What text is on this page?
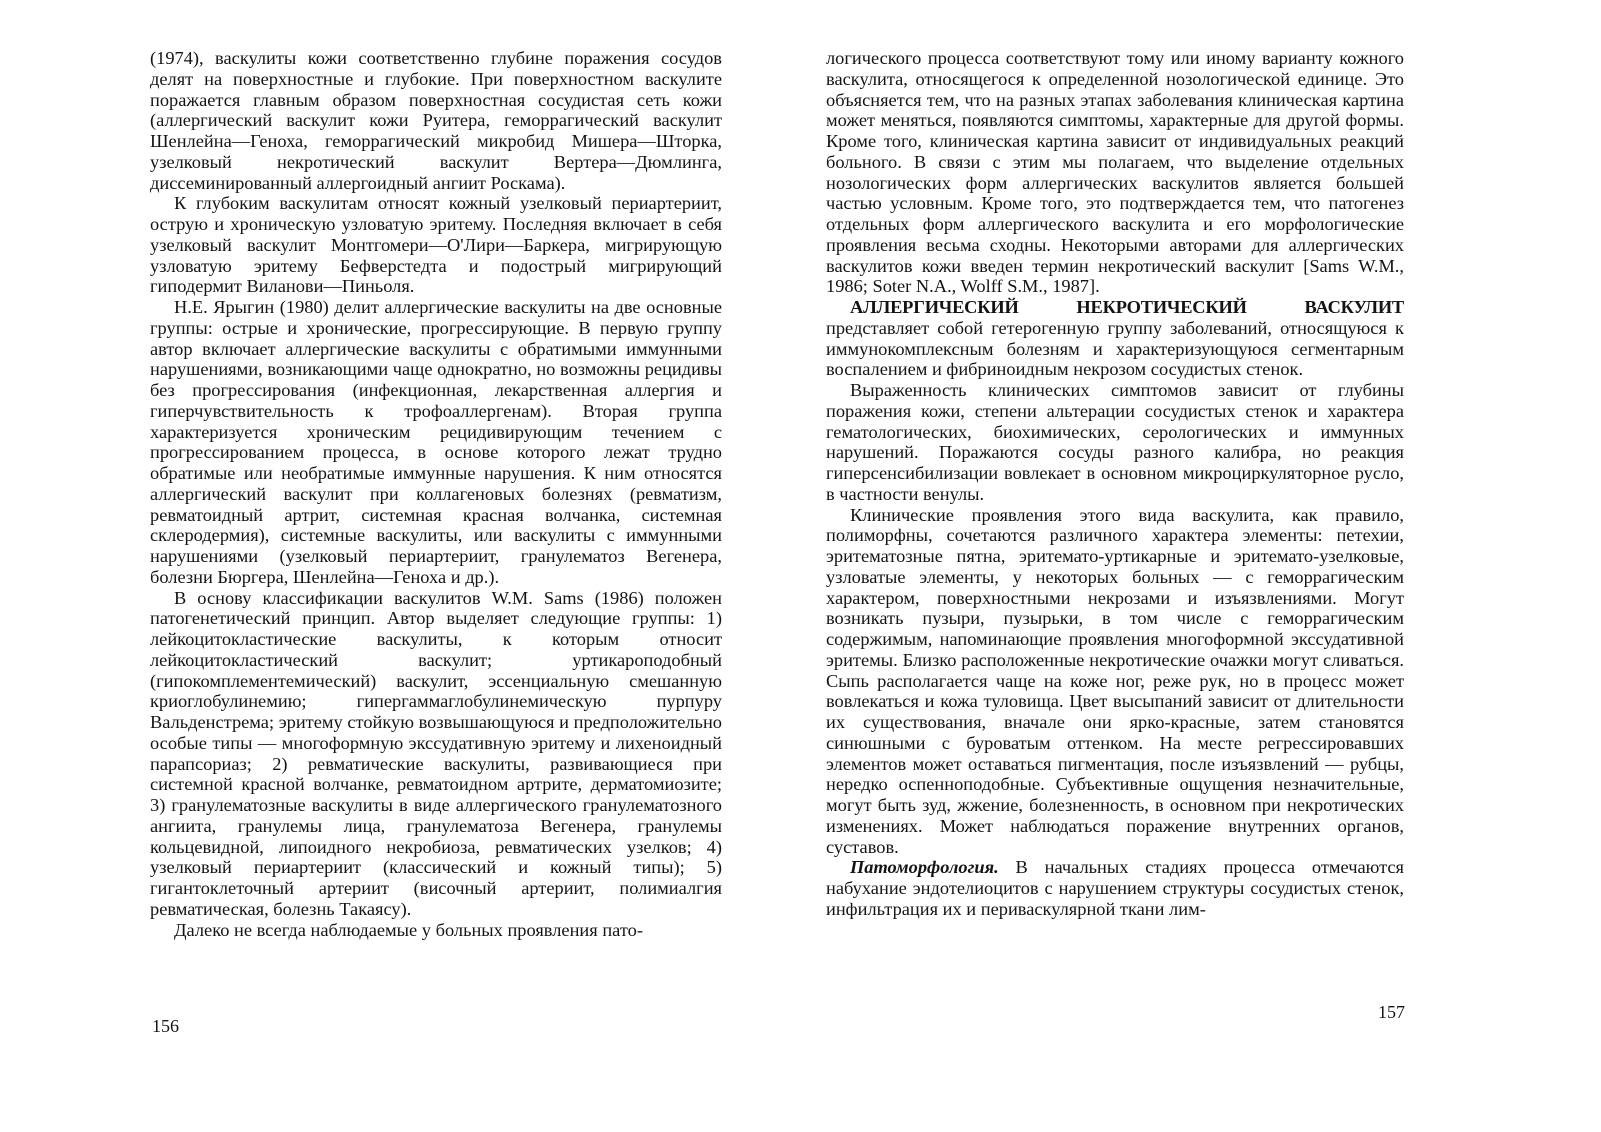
(1974), васкулиты кожи соответственно глубине поражения сосудов делят на поверхностные и глубокие. При поверхностном васкулите поражается главным образом поверхностная сосудистая сеть кожи (аллергический васкулит кожи Руитера, геморрагический васкулит Шенлейна—Геноха, геморрагический микробид Мишера—Шторка, узелковый некротический васкулит Вертера—Дюмлинга, диссеминированный аллергоидный ангиит Роскама).

К глубоким васкулитам относят кожный узелковый периартериит, острую и хроническую узловатую эритему. Последняя включает в себя узелковый васкулит Монтгомери—О'Лири—Баркера, мигрирующую узловатую эритему Бефверстедта и подострый мигрирующий гиподермит Виланови—Пиньоля.

Н.Е. Ярыгин (1980) делит аллергические васкулиты на две основные группы: острые и хронические, прогрессирующие. В первую группу автор включает аллергические васкулиты с обратимыми иммунными нарушениями, возникающими чаще однократно, но возможны рецидивы без прогрессирования (инфекционная, лекарственная аллергия и гиперчувствительность к трофоаллергенам). Вторая группа характеризуется хроническим рецидивирующим течением с прогрессированием процесса, в основе которого лежат трудно обратимые или необратимые иммунные нарушения. К ним относятся аллергический васкулит при коллагеновых болезнях (ревматизм, ревматоидный артрит, системная красная волчанка, системная склеродермия), системные васкулиты, или васкулиты с иммунными нарушениями (узелковый периартериит, гранулематоз Вегенера, болезни Бюргера, Шенлейна—Геноха и др.).

В основу классификации васкулитов W.M. Sams (1986) положен патогенетический принцип. Автор выделяет следующие группы: 1) лейкоцитокластические васкулиты, к которым относит лейкоцитокластический васкулит; уртикароподобный (гипокомплементемический) васкулит, эссенциальную смешанную криоглобулинемию; гипергаммаглобулинемическую пурпуру Вальденстрема; эритему стойкую возвышающуюся и предположительно особые типы — многоформную экссудативную эритему и лихеноидный парапсориаз; 2) ревматические васкулиты, развивающиеся при системной красной волчанке, ревматоидном артрите, дерматомиозите; 3) гранулематозные васкулиты в виде аллергического гранулематозного ангиита, гранулемы лица, гранулематоза Вегенера, гранулемы кольцевидной, липоидного некробиоза, ревматических узелков; 4) узелковый периартериит (классический и кожный типы); 5) гигантоклеточный артериит (височный артериит, полимиалгия ревматическая, болезнь Такаясу).

Далеко не всегда наблюдаемые у больных проявления пато-

156

логического процесса соответствуют тому или иному варианту кожного васкулита, относящегося к определенной нозологической единице. Это объясняется тем, что на разных этапах заболевания клиническая картина может меняться, появляются симптомы, характерные для другой формы. Кроме того, клиническая картина зависит от индивидуальных реакций больного. В связи с этим мы полагаем, что выделение отдельных нозологических форм аллергических васкулитов является большей частью условным. Кроме того, это подтверждается тем, что патогенез отдельных форм аллергического васкулита и его морфологические проявления весьма сходны. Некоторыми авторами для аллергических васкулитов кожи введен термин некротический васкулит [Sams W.M., 1986; Soter N.A., Wolff S.M., 1987].

АЛЛЕРГИЧЕСКИЙ НЕКРОТИЧЕСКИЙ ВАСКУЛИТ представляет собой гетерогенную группу заболеваний, относящуюся к иммунокомплексным болезням и характеризующуюся сегментарным воспалением и фибриноидным некрозом сосудистых стенок.

Выраженность клинических симптомов зависит от глубины поражения кожи, степени альтерации сосудистых стенок и характера гематологических, биохимических, серологических и иммунных нарушений. Поражаются сосуды разного калибра, но реакция гиперсенсибилизации вовлекает в основном микроциркуляторное русло, в частности венулы.

Клинические проявления этого вида васкулита, как правило, полиморфны, сочетаются различного характера элементы: петехии, эритематозные пятна, эритемато-уртикарные и эритемато-узелковые, узловатые элементы, у некоторых больных — с геморрагическим характером, поверхностными некрозами и изъязвлениями. Могут возникать пузыри, пузырьки, в том числе с геморрагическим содержимым, напоминающие проявления многоформной экссудативной эритемы. Близко расположенные некротические очажки могут сливаться. Сыпь располагается чаще на коже ног, реже рук, но в процесс может вовлекаться и кожа туловища. Цвет высыпаний зависит от длительности их существования, вначале они ярко-красные, затем становятся синюшными с буроватым оттенком. На месте регрессировавших элементов может оставаться пигментация, после изъязвлений — рубцы, нередко оспенноподобные. Субъективные ощущения незначительные, могут быть зуд, жжение, болезненность, в основном при некротических изменениях. Может наблюдаться поражение внутренних органов, суставов.

Патоморфология. В начальных стадиях процесса отмечаются набухание эндотелиоцитов с нарушением структуры сосудистых стенок, инфильтрация их и периваскулярной ткани лим-

157
